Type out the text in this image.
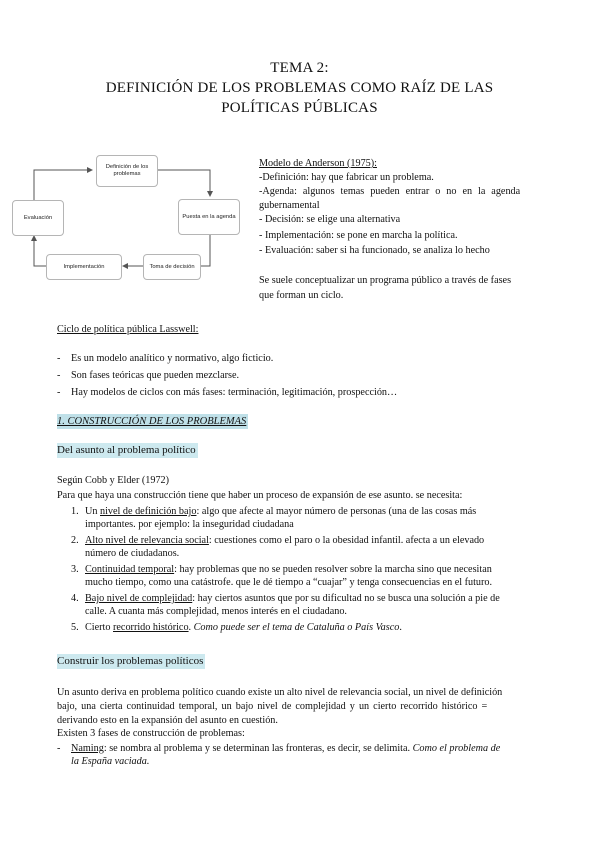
TEMA 2:
DEFINICIÓN DE LOS PROBLEMAS COMO RAÍZ DE LAS
POLÍTICAS PÚBLICAS
Definición de los problemas
Puesta en la agenda
Toma de decisión
Implementación
Evaluación
Modelo de Anderson (1975):
-Definición: hay que fabricar un problema.
-Agenda: algunos temas pueden entrar o no en la agenda
gubernamental
- Decisión: se elige una alternativa
- Implementación: se pone en marcha la política.
- Evaluación: saber si ha funcionado, se analiza lo hecho
Se suele conceptualizar un programa público a través de fases
que forman un ciclo.
Ciclo de política pública Lasswell:
- Es un modelo analítico y normativo, algo ficticio.
- Son fases teóricas que pueden mezclarse.
- Hay modelos de ciclos con más fases: terminación, legitimación, prospección…
1. CONSTRUCCIÓN DE LOS PROBLEMAS
Del asunto al problema político
Según Cobb y Elder (1972)
Para que haya una construcción tiene que haber un proceso de expansión de ese asunto. se necesita:
1. Un nivel de definición bajo: algo que afecte al mayor número de personas (una de las cosas más
importantes. por ejemplo: la inseguridad ciudadana
2. Alto nivel de relevancia social: cuestiones como el paro o la obesidad infantil. afecta a un elevado
número de ciudadanos.
3. Continuidad temporal: hay problemas que no se pueden resolver sobre la marcha sino que necesitan
mucho tiempo, como una catástrofe. que le dé tiempo a “cuajar” y tenga consecuencias en el futuro.
4. Bajo nivel de complejidad: hay ciertos asuntos que por su dificultad no se busca una solución a pie de
calle. A cuanta más complejidad, menos interés en el ciudadano.
5. Cierto recorrido histórico. Como puede ser el tema de Cataluña o País Vasco.
Construir los problemas políticos
Un asunto deriva en problema político cuando existe un alto nivel de relevancia social, un nivel de definición
bajo, una cierta continuidad temporal, un bajo nivel de complejidad y un cierto recorrido histórico =
derivando esto en la expansión del asunto en cuestión.
Existen 3 fases de construcción de problemas:
- Naming: se nombra al problema y se determinan las fronteras, es decir, se delimita. Como el problema de
la España vaciada.
